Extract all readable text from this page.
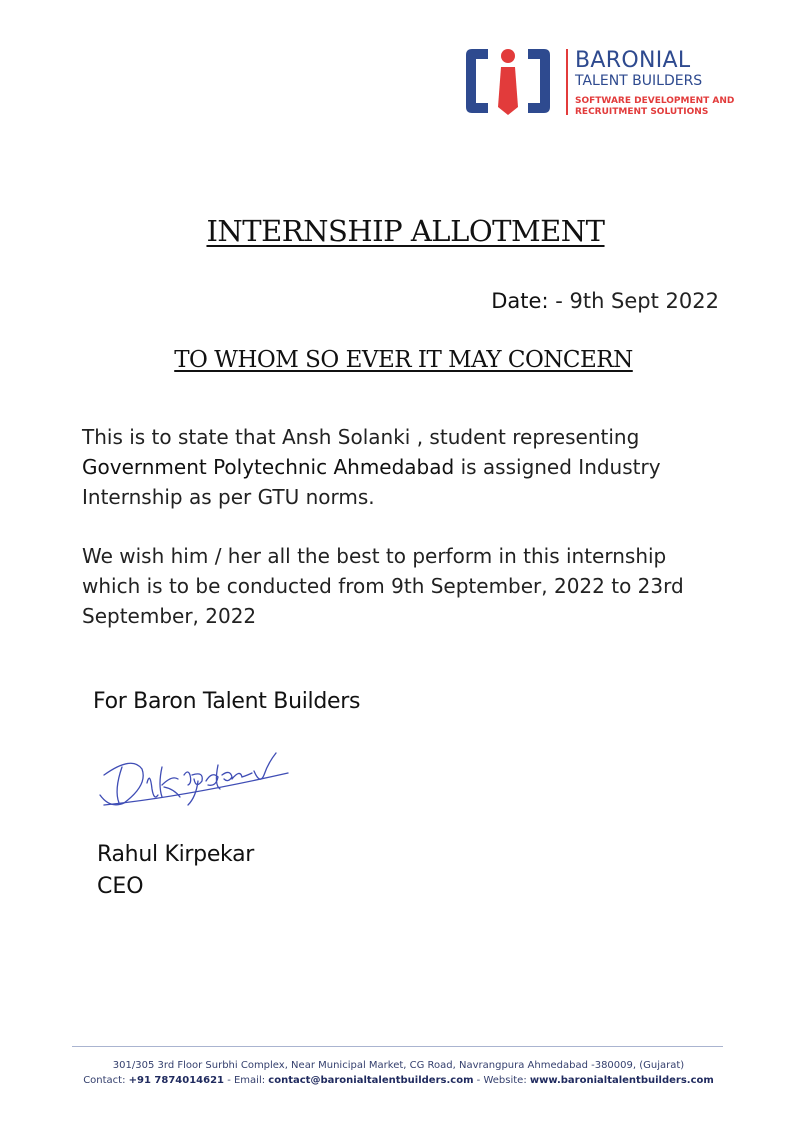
BARONIAL
TALENT BUILDERS
SOFTWARE DEVELOPMENT AND
RECRUITMENT SOLUTIONS
INTERNSHIP ALLOTMENT
Date: - 9th Sept 2022
TO WHOM SO EVER IT MAY CONCERN
This is to state that Ansh Solanki , student representing
Government Polytechnic Ahmedabad is assigned Industry Internship as per GTU norms.
We wish him / her all the best to perform in this internship which is to be conducted from 9th September, 2022 to 23rd September, 2022
For Baron Talent Builders
Rahul Kirpekar
CEO
301/305 3rd Floor Surbhi Complex, Near Municipal Market, CG Road, Navrangpura Ahmedabad -380009, (Gujarat)
Contact: +91 7874014621 - Email: contact@baronialtalentbuilders.com - Website: www.baronialtalentbuilders.com
